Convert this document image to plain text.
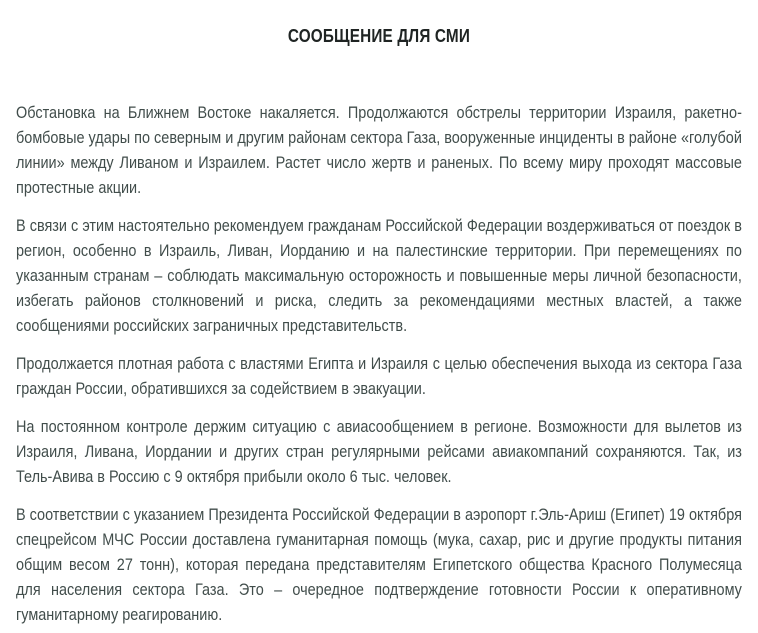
СООБЩЕНИЕ ДЛЯ СМИ

Обстановка на Ближнем Востоке накаляется. Продолжаются обстрелы территории Израиля, ракетно-бомбовые удары по северным и другим районам сектора Газа, вооруженные инциденты в районе «голубой линии» между Ливаном и Израилем. Растет число жертв и раненых. По всему миру проходят массовые протестные акции.

В связи с этим настоятельно рекомендуем гражданам Российской Федерации воздерживаться от поездок в регион, особенно в Израиль, Ливан, Иорданию и на палестинские территории. При перемещениях по указанным странам – соблюдать максимальную осторожность и повышенные меры личной безопасности, избегать районов столкновений и риска, следить за рекомендациями местных властей, а также сообщениями российских заграничных представительств.

Продолжается плотная работа с властями Египта и Израиля с целью обеспечения выхода из сектора Газа граждан России, обратившихся за содействием в эвакуации.

На постоянном контроле держим ситуацию с авиасообщением в регионе. Возможности для вылетов из Израиля, Ливана, Иордании и других стран регулярными рейсами авиакомпаний сохраняются. Так, из Тель-Авива в Россию с 9 октября прибыли около 6 тыс. человек.

В соответствии с указанием Президента Российской Федерации в аэропорт г.Эль-Ариш (Египет) 19 октября спецрейсом МЧС России доставлена гуманитарная помощь (мука, сахар, рис и другие продукты питания общим весом 27 тонн), которая передана представителям Египетского общества Красного Полумесяца для населения сектора Газа. Это – очередное подтверждение готовности России к оперативному гуманитарному реагированию.
